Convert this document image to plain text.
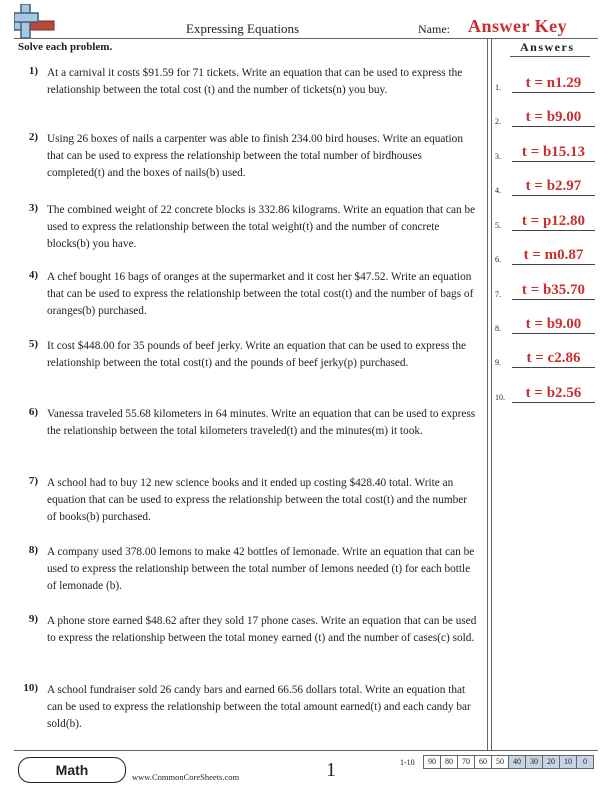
Expressing Equations	Name: Answer Key
Solve each problem.	Answers
1) At a carnival it costs $91.59 for 71 tickets. Write an equation that can be used to express the relationship between the total cost (t) and the number of tickets(n) you buy.
2) Using 26 boxes of nails a carpenter was able to finish 234.00 bird houses. Write an equation that can be used to express the relationship between the total number of birdhouses completed(t) and the boxes of nails(b) used.
3) The combined weight of 22 concrete blocks is 332.86 kilograms. Write an equation that can be used to express the relationship between the total weight(t) and the number of concrete blocks(b) you have.
4) A chef bought 16 bags of oranges at the supermarket and it cost her $47.52. Write an equation that can be used to express the relationship between the total cost(t) and the number of bags of oranges(b) purchased.
5) It cost $448.00 for 35 pounds of beef jerky. Write an equation that can be used to express the relationship between the total cost(t) and the pounds of beef jerky(p) purchased.
6) Vanessa traveled 55.68 kilometers in 64 minutes. Write an equation that can be used to express the relationship between the total kilometers traveled(t) and the minutes(m) it took.
7) A school had to buy 12 new science books and it ended up costing $428.40 total. Write an equation that can be used to express the relationship between the total cost(t) and the number of books(b) purchased.
8) A company used 378.00 lemons to make 42 bottles of lemonade. Write an equation that can be used to express the relationship between the total number of lemons needed (t) for each bottle of lemonade (b).
9) A phone store earned $48.62 after they sold 17 phone cases. Write an equation that can be used to express the relationship between the total money earned (t) and the number of cases(c) sold.
10) A school fundraiser sold 26 candy bars and earned 66.56 dollars total. Write an equation that can be used to express the relationship between the total amount earned(t) and each candy bar sold(b).
1.	t = n1.29
2.	t = b9.00
3.	t = b15.13
4.	t = b2.97
5.	t = p12.80
6.	t = m0.87
7.	t = b35.70
8.	t = b9.00
9.	t = c2.86
10.	t = b2.56
Math	www.CommonCoreSheets.com	1	1-10	90	80	70	60	50	40	30	20	10	0
